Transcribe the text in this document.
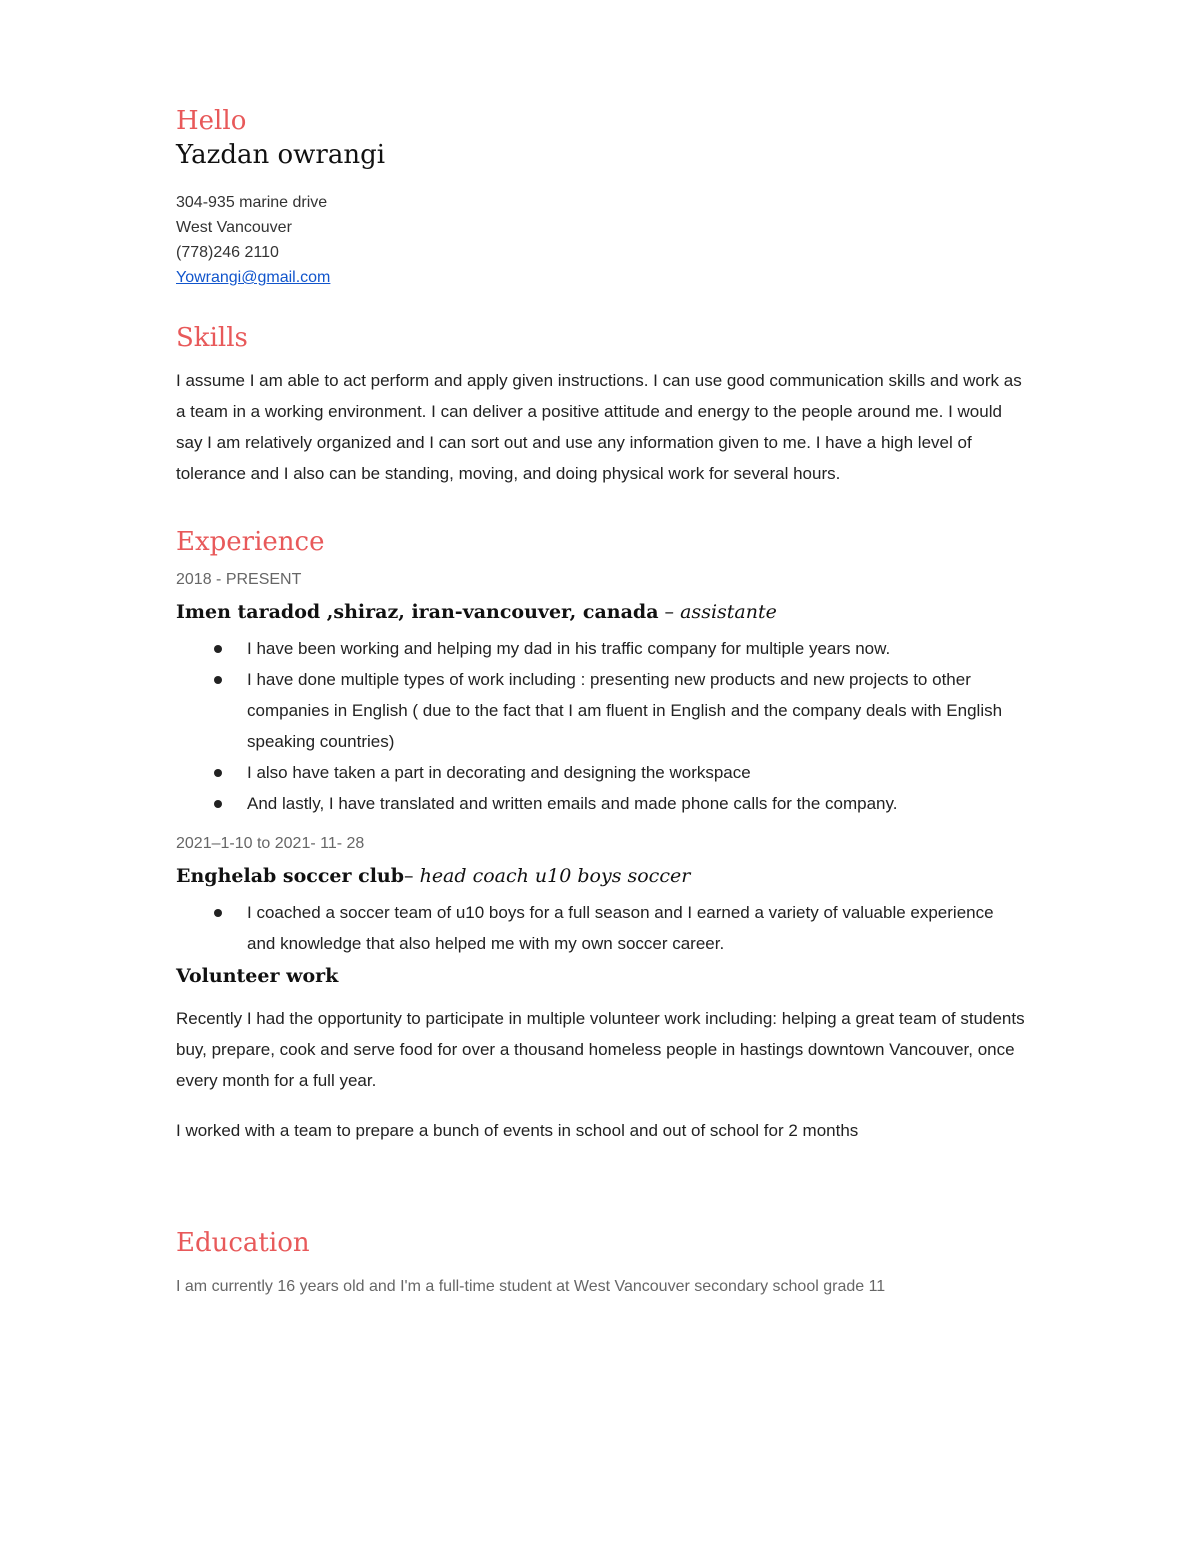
Hello
Yazdan owrangi
304-935 marine drive
West Vancouver
(778)246 2110
Yowrangi@gmail.com
Skills

I assume I am able to act perform and apply given instructions. I can use good communication skills and work as a team in a working environment. I can deliver a positive attitude and energy to the people around me. I would say I am relatively organized and I can sort out and use any information given to me. I have a high level of tolerance and I also can be standing, moving, and doing physical work for several hours.

Experience

2018 - PRESENT

Imen taradod ,shiraz, iran-vancouver, canada – assistante

I have been working and helping my dad in his traffic company for multiple years now.
I have done multiple types of work including : presenting new products and new projects to other companies in English ( due to the fact that I am fluent in English and the company deals with English speaking countries)
I also have taken a part in decorating and designing the workspace
And lastly, I have translated and written emails and made phone calls for the company.

2021–1-10 to 2021- 11- 28

Enghelab soccer club– head coach u10 boys soccer

I coached a soccer team of u10 boys for a full season and I earned a variety of valuable experience and knowledge that also helped me with my own soccer career.

Volunteer work

Recently I had the opportunity to participate in multiple volunteer work including: helping a great team of students buy, prepare, cook and serve food for over a thousand homeless people in hastings downtown Vancouver, once every month for a full year.

I worked with a team to prepare a bunch of events in school and out of school for 2 months

Education

I am currently 16 years old and I'm a full-time student at West Vancouver secondary school grade 11
